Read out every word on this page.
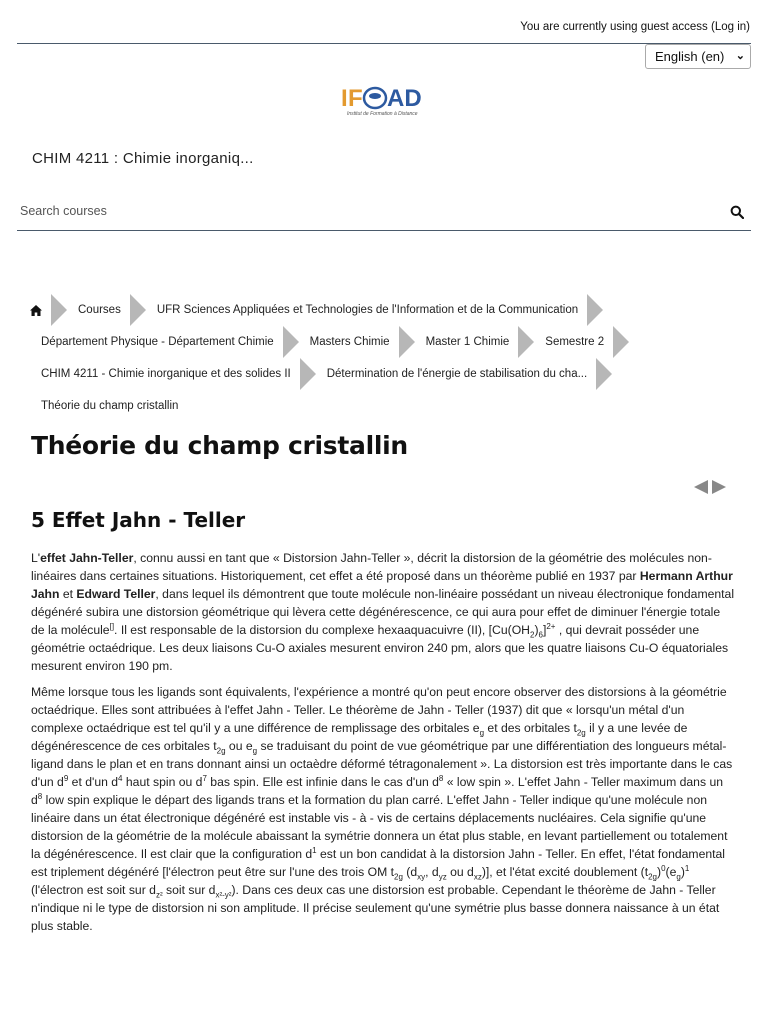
You are currently using guest access (Log in)
English (en) ⌄
I F AD
Institut de Formation à Distance
CHIM 4211 : Chimie inorganiq...
Search courses
Courses	UFR Sciences Appliquées et Technologies de l'Information et de la Communication
Département Physique - Département Chimie	Masters Chimie	Master 1 Chimie	Semestre 2
CHIM 4211 - Chimie inorganique et des solides II	Détermination de l'énergie de stabilisation du cha...
Théorie du champ cristallin
Théorie du champ cristallin
5 Effet Jahn - Teller

L'effet Jahn-Teller, connu aussi en tant que « Distorsion Jahn-Teller », décrit la distorsion de la géométrie des molécules non-linéaires dans certaines situations. Historiquement, cet effet a été proposé dans un théorème publié en 1937 par Hermann Arthur Jahn et Edward Teller, dans lequel ils démontrent que toute molécule non-linéaire possédant un niveau électronique fondamental dégénéré subira une distorsion géométrique qui lèvera cette dégénérescence, ce qui aura pour effet de diminuer l'énergie totale de la molécule[]. Il est responsable de la distorsion du complexe hexaaquacuivre (II), $[Cu(OH_2)_6]^{2+}$ , qui devrait posséder une géométrie octaédrique. Les deux liaisons Cu-O axiales mesurent environ 240 pm, alors que les quatre liaisons Cu-O équatoriales mesurent environ 190 pm.

Même lorsque tous les ligands sont équivalents, l'expérience a montré qu'on peut encore observer des distorsions à la géométrie octaédrique. Elles sont attribuées à l'effet Jahn - Teller. Le théorème de Jahn - Teller (1937) dit que « lorsqu'un métal d'un complexe octaédrique est tel qu'il y a une différence de remplissage des orbitales $e_g$ et des orbitales $t_{2g}$ il y a une levée de dégénérescence de ces orbitales $t_{2g}$ ou $e_g$ se traduisant du point de vue géométrique par une différentiation des longueurs métal-ligand dans le plan et en trans donnant ainsi un octaèdre déformé tétragonalement ». La distorsion est très importante dans le cas d'un $d^9$ et d'un $d^4$ haut spin ou $d^7$ bas spin. Elle est infinie dans le cas d'un $d^8$ « low spin ». L'effet Jahn - Teller maximum dans un $d^8$ low spin explique le départ des ligands trans et la formation du plan carré. L'effet Jahn - Teller indique qu'une molécule non linéaire dans un état électronique dégénéré est instable vis - à - vis de certains déplacements nucléaires. Cela signifie qu'une distorsion de la géométrie de la molécule abaissant la symétrie donnera un état plus stable, en levant partiellement ou totalement la dégénérescence. Il est clair que la configuration $d^1$ est un bon candidat à la distorsion Jahn - Teller. En effet, l'état fondamental est triplement dégénéré [l'électron peut être sur l'une des trois OM $t_{2g}$ ($d_{xy}$, $d_{yz}$ ou $d_{xz}$)], et l'état excité doublement $(t_{2g})^0(e_g)^1$ (l'électron est soit sur $d_{z^2}$ soit sur $d_{x^2-y^2}$). Dans ces deux cas une distorsion est probable. Cependant le théorème de Jahn - Teller n'indique ni le type de distorsion ni son amplitude. Il précise seulement qu'une symétrie plus basse donnera naissance à un état plus stable.
